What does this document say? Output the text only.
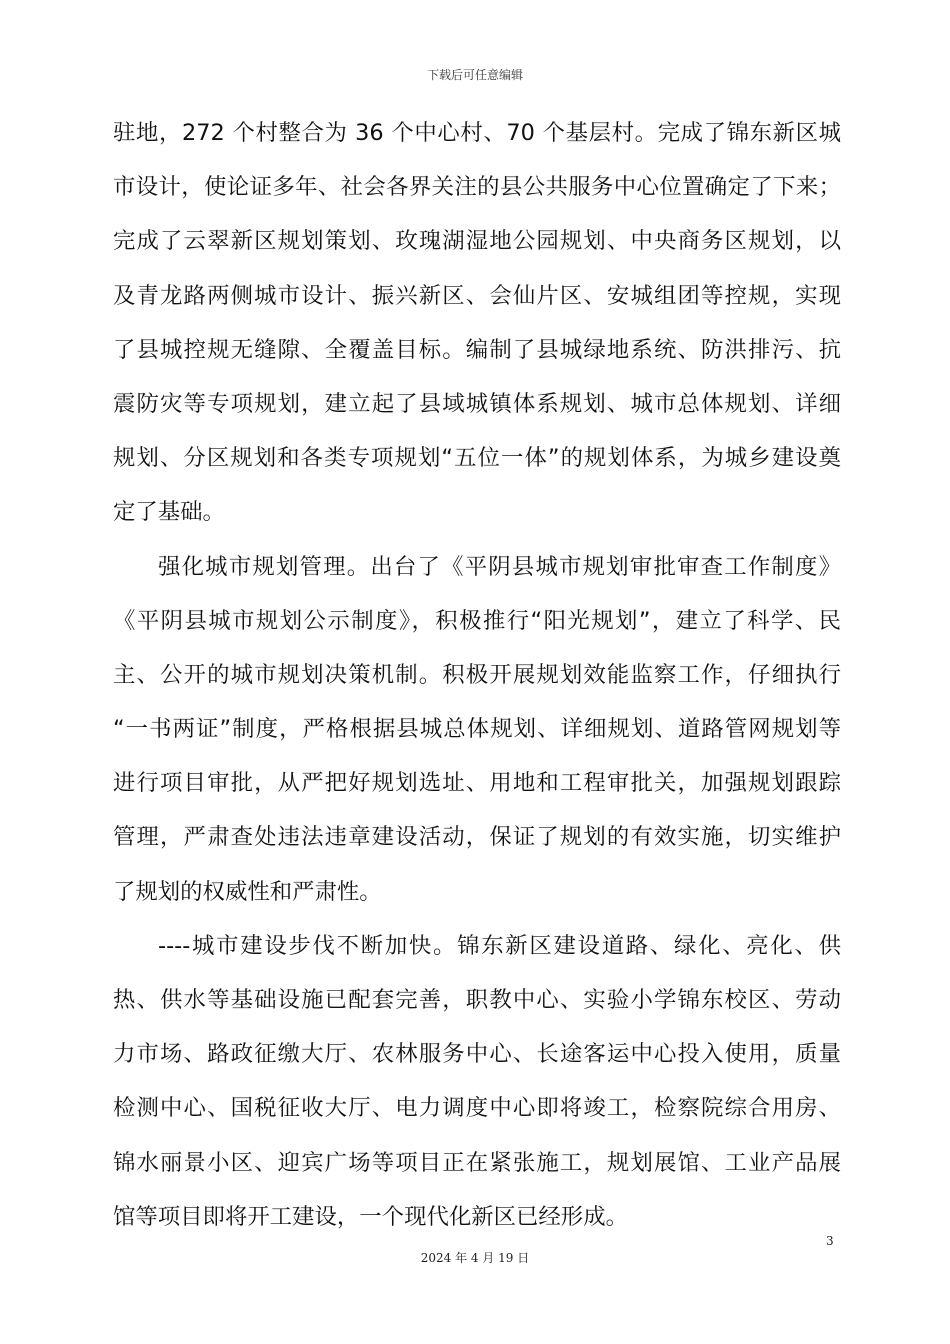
下载后可任意编辑
驻地，272 个村整合为 36 个中心村、70 个基层村。完成了锦东新区城
市设计，使论证多年、社会各界关注的县公共服务中心位置确定了下来；
完成了云翠新区规划策划、玫瑰湖湿地公园规划、中央商务区规划，以
及青龙路两侧城市设计、振兴新区、会仙片区、安城组团等控规，实现
了县城控规无缝隙、全覆盖目标。编制了县城绿地系统、防洪排污、抗
震防灾等专项规划，建立起了县域城镇体系规划、城市总体规划、详细
规划、分区规划和各类专项规划“五位一体”的规划体系，为城乡建设奠
定了基础。
强化城市规划管理。出台了《平阴县城市规划审批审查工作制度》
《平阴县城市规划公示制度》，积极推行“阳光规划”，建立了科学、民
主、公开的城市规划决策机制。积极开展规划效能监察工作，仔细执行
“一书两证”制度，严格根据县城总体规划、详细规划、道路管网规划等
进行项目审批，从严把好规划选址、用地和工程审批关，加强规划跟踪
管理，严肃查处违法违章建设活动，保证了规划的有效实施，切实维护
了规划的权威性和严肃性。
----城市建设步伐不断加快。锦东新区建设道路、绿化、亮化、供
热、供水等基础设施已配套完善，职教中心、实验小学锦东校区、劳动
力市场、路政征缴大厅、农林服务中心、长途客运中心投入使用，质量
检测中心、国税征收大厅、电力调度中心即将竣工，检察院综合用房、
锦水丽景小区、迎宾广场等项目正在紧张施工，规划展馆、工业产品展
馆等项目即将开工建设，一个现代化新区已经形成。
3
2024 年 4 月 19 日
